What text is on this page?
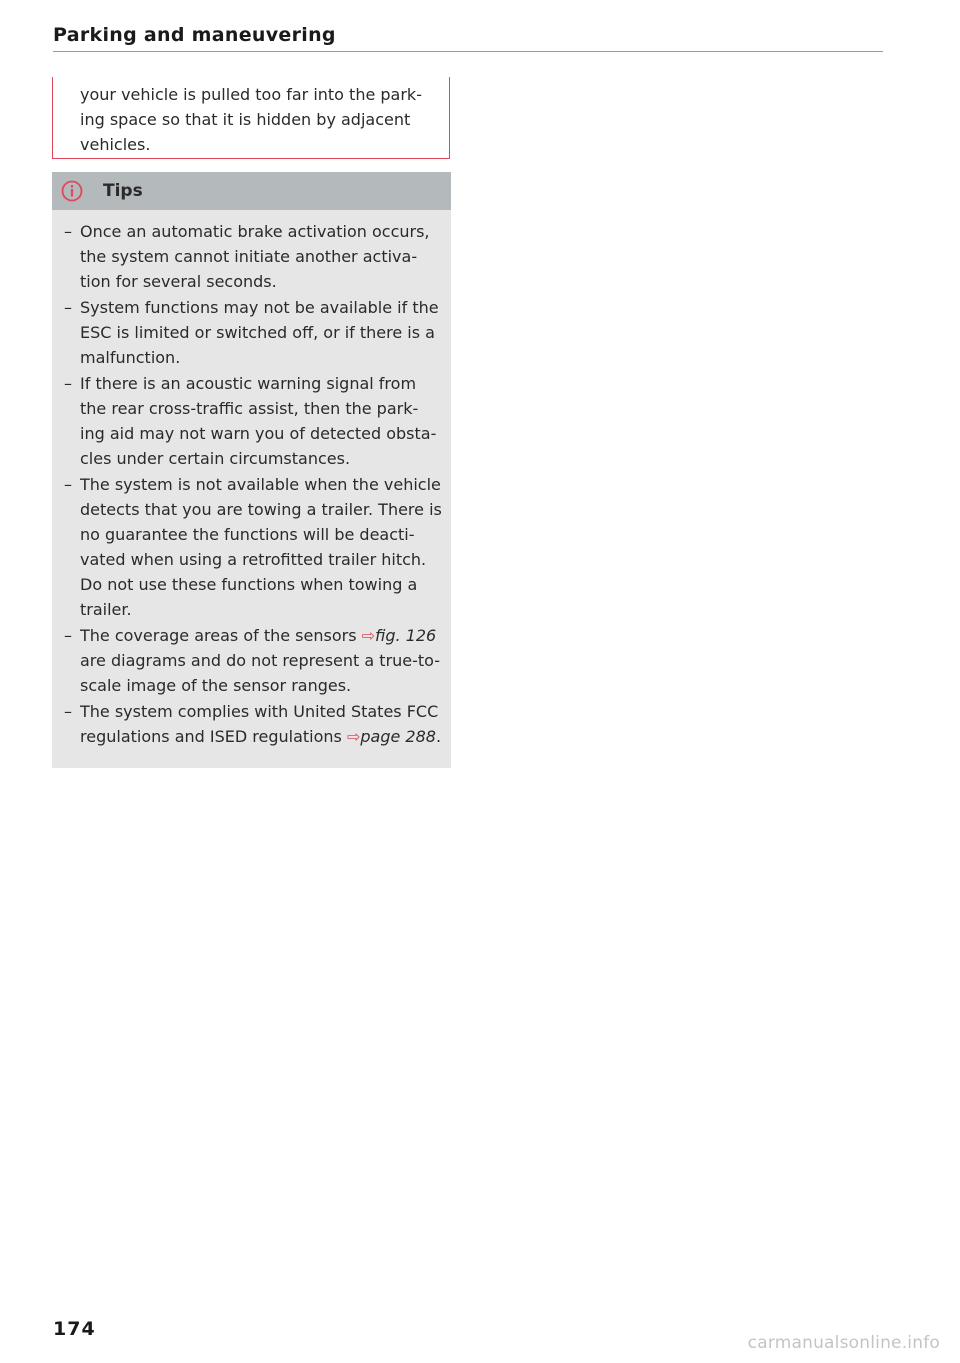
Parking and maneuvering

your vehicle is pulled too far into the park-ing space so that it is hidden by adjacent vehicles.

Tips
– Once an automatic brake activation occurs, the system cannot initiate another activa-tion for several seconds.
– System functions may not be available if the ESC is limited or switched off, or if there is a malfunction.
– If there is an acoustic warning signal from the rear cross-traffic assist, then the park-ing aid may not warn you of detected obsta-cles under certain circumstances.
– The system is not available when the vehicle detects that you are towing a trailer. There is no guarantee the functions will be deacti-vated when using a retrofitted trailer hitch. Do not use these functions when towing a trailer.
– The coverage areas of the sensors ⇨fig. 126 are diagrams and do not represent a true-to-scale image of the sensor ranges.
– The system complies with United States FCC regulations and ISED regulations ⇨page 288.
174
carmanualsonline.info
